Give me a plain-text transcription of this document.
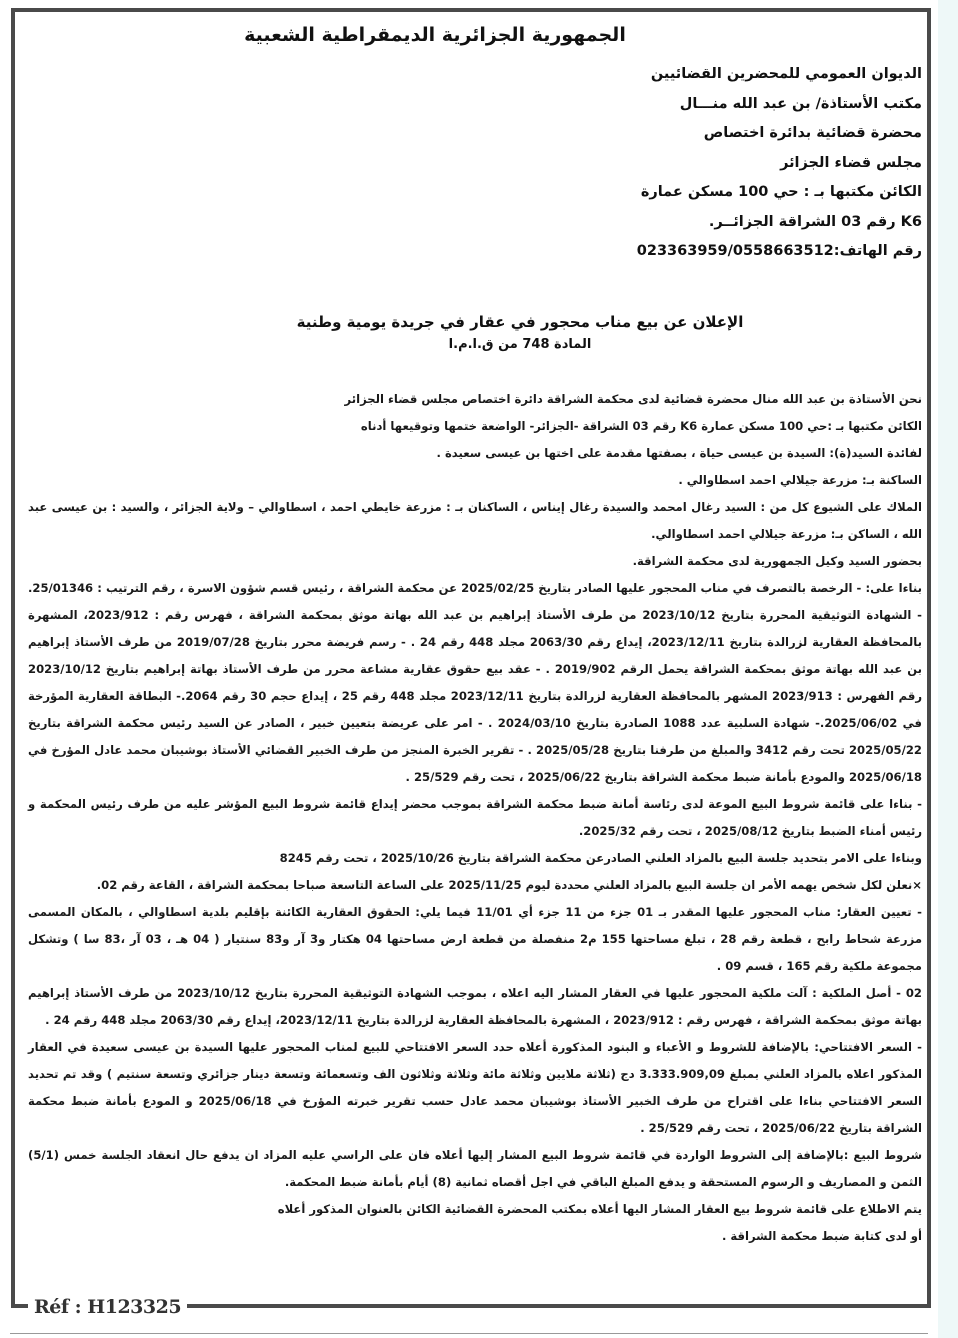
الجمهورية الجزائرية الديمقراطية الشعبية
الديوان العمومي للمحضرين القضائيين
مكتب الأستاذة/ بن عبد الله منـــال
محضرة قضائية بدائرة اختصاص
مجلس قضاء الجزائر
الكائن مكتبها بـ : حي 100 مسكن عمارة
K6 رقم 03 الشراقة الجزائــر.
رقم الهاتف:023363959/0558663512
الإعلان عن بيع مناب محجور في عقار في جريدة يومية وطنية
المادة 748 من ق.ا.م.ا

نحن الأستاذة بن عبد الله منال محضرة قضائية لدى محكمة الشراقة دائرة اختصاص مجلس قضاء الجزائر

الكائن مكتبها بـ :حي 100 مسكن عمارة K6 رقم 03 الشراقة -الجزائر- الواضعة ختمها وتوقيعها أدناه

لفائدة السيد(ة): السيدة بن عيسى حياة ، بصفتها مقدمة على اختها بن عيسى سعيدة .

الساكنة بـ: مزرعة جيلالي احمد اسطاوالي .

الملاك على الشيوع كل من : السيد رغال امحمد والسيدة رغال إيناس ، الساكنان بـ : مزرعة خايطي احمد ، اسطاوالي – ولاية الجزائر ، والسيد : بن عيسى عبد الله ، الساكن بـ: مزرعة جيلالي احمد اسطاوالي.

بحضور السيد وكيل الجمهورية لدى محكمة الشراقة.

بناءا على: - الرخصة بالتصرف في مناب المحجور عليها الصادر بتاريخ 2025/02/25 عن محكمة الشراقة ، رئيس قسم شؤون الاسرة ، رقم الترتيب : 25/01346. - الشهادة التوثيقية المحررة بتاريخ 2023/10/12 من طرف الأستاذ إبراهيم بن عبد الله بهاتة موثق بمحكمة الشراقة ، فهرس رقم : 2023/912، المشهرة بالمحافظة العقارية لزرالدة بتاريخ 2023/12/11، إيداع رقم 2063/30 مجلد 448 رقم 24 . - رسم فريضة محرر بتاريخ 2019/07/28 من طرف الأستاذ إبراهيم بن عبد الله بهاتة موثق بمحكمة الشراقة يحمل الرقم 2019/902 . - عقد بيع حقوق عقارية مشاعة محرر من طرف الأستاذ بهاتة إبراهيم بتاريخ 2023/10/12 رقم الفهرس : 2023/913 المشهر بالمحافظة العقارية لزرالدة بتاريخ 2023/12/11 مجلد 448 رقم 25 ، إيداع حجم 30 رقم 2064.- البطاقة العقارية المؤرخة في 2025/06/02.- شهادة السلبية عدد 1088 الصادرة بتاريخ 2024/03/10 . - امر على عريضة بتعيين خبير ، الصادر عن السيد رئيس محكمة الشراقة بتاريخ 2025/05/22 تحت رقم 3412 والمبلغ من طرفنا بتاريخ 2025/05/28 . - تقرير الخبرة المنجز من طرف الخبير القضائي الأستاذ بوشيبان محمد عادل المؤرخ في 2025/06/18 والمودع بأمانة ضبط محكمة الشراقة بتاريخ 2025/06/22 ، تحت رقم 25/529 .

- بناءا على قائمة شروط البيع الموعة لدى رئاسة أمانة ضبط محكمة الشراقة بموجب محضر إيداع قائمة شروط البيع المؤشر عليه من طرف رئيس المحكمة و رئيس أمناء الضبط بتاريخ 2025/08/12 ، تحت رقم 2025/32.

وبناءا على الامر بتحديد جلسة البيع بالمزاد العلني الصادرعن محكمة الشراقة بتاريخ 2025/10/26 ، تحت رقم 8245

×نعلن لكل شخص يهمه الأمر ان جلسة البيع بالمزاد العلني محددة ليوم 2025/11/25 على الساعة التاسعة صباحا بمحكمة الشراقة ، القاعة رقم 02.

- تعيين العقار: مناب المحجور عليها المقدر بـ 01 جزء من 11 جزء أي 11/01 فيما يلي: الحقوق العقارية الكائنة بإقليم بلدية اسطاوالي ، بالمكان المسمى مزرعة شحاط رابح ، قطعة رقم 28 ، تبلغ مساحتها 155 م2 منفصلة من قطعة ارض مساحتها 04 هكتار و3 آر و83 سنتيار ( 04 هـ ، 03 آر ،83 سا ) وتشكل مجموعة ملكية رقم 165 ، قسم 09 .

02 - أصل الملكية : آلت ملكية المحجور عليها في العقار المشار اليه اعلاه ، بموجب الشهادة التوثيقية المحررة بتاريخ 2023/10/12 من طرف الأستاذ إبراهيم بهاتة موثق بمحكمة الشراقة ، فهرس رقم : 2023/912 ، المشهرة بالمحافظة العقارية لزرالدة بتاريخ 2023/12/11، إيداع رقم 2063/30 مجلد 448 رقم 24 .

- السعر الافتتاحي: بالإضافة للشروط و الأعباء و البنود المذكورة أعلاه حدد السعر الافتتاحي للبيع لمناب المحجور عليها السيدة بن عيسى سعيدة في العقار المذكور اعلاه بالمزاد العلني بمبلغ 3.333.909,09 دج (ثلاثة ملايين وثلاثة مائة وثلاثة وثلاثون الف وتسعمائة وتسعة دينار جزائري وتسعة سنتيم ) وقد تم تحديد السعر الافتتاحي بناءا على اقتراح من طرف الخبير الأستاذ بوشيبان محمد عادل حسب تقرير خبرته المؤرخ في 2025/06/18 و المودع بأمانة ضبط محكمة الشراقة بتاريخ 2025/06/22 ، تحت رقم 25/529 .

شروط البيع :بالإضافة إلى الشروط الواردة في قائمة شروط البيع المشار إليها أعلاه فان على الراسي عليه المزاد ان يدفع حال انعقاد الجلسة خمس (5/1) الثمن و المصاريف و الرسوم المستحقة و يدفع المبلغ الباقي في اجل أقصاه ثمانية (8) أيام بأمانة ضبط المحكمة.

يتم الاطلاع على قائمة شروط بيع العقار المشار اليها أعلاه بمكتب المحضرة القضائية الكائن بالعنوان المذكور أعلاه

أو لدى كتابة ضبط محكمة الشراقة .

Réf : H123325
